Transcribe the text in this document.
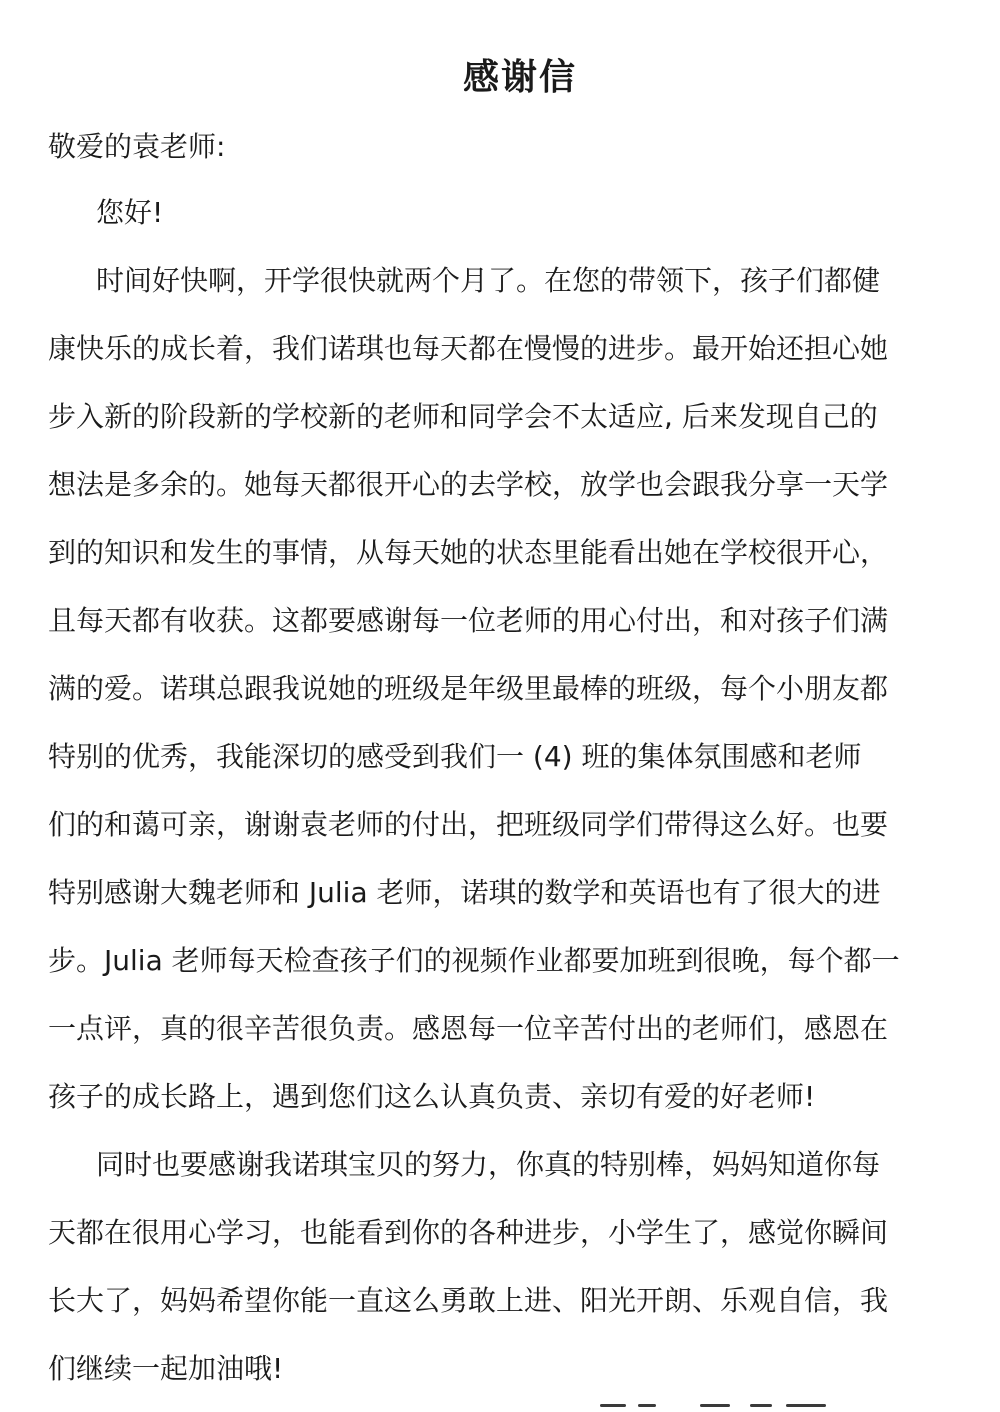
感谢信
敬爱的袁老师:
您好!
时间好快啊，开学很快就两个月了。在您的带领下，孩子们都健
康快乐的成长着，我们诺琪也每天都在慢慢的进步。最开始还担心她
步入新的阶段新的学校新的老师和同学会不太适应, 后来发现自己的
想法是多余的。她每天都很开心的去学校，放学也会跟我分享一天学
到的知识和发生的事情，从每天她的状态里能看出她在学校很开心，
且每天都有收获。这都要感谢每一位老师的用心付出，和对孩子们满
满的爱。诺琪总跟我说她的班级是年级里最棒的班级，每个小朋友都
特别的优秀，我能深切的感受到我们一 (4) 班的集体氛围感和老师
们的和蔼可亲，谢谢袁老师的付出，把班级同学们带得这么好。也要
特别感谢大魏老师和 Julia 老师，诺琪的数学和英语也有了很大的进
步。Julia 老师每天检查孩子们的视频作业都要加班到很晚，每个都一
一点评，真的很辛苦很负责。感恩每一位辛苦付出的老师们，感恩在
孩子的成长路上，遇到您们这么认真负责、亲切有爱的好老师!
同时也要感谢我诺琪宝贝的努力，你真的特别棒，妈妈知道你每
天都在很用心学习，也能看到你的各种进步，小学生了，感觉你瞬间
长大了，妈妈希望你能一直这么勇敢上进、阳光开朗、乐观自信，我
们继续一起加油哦!
